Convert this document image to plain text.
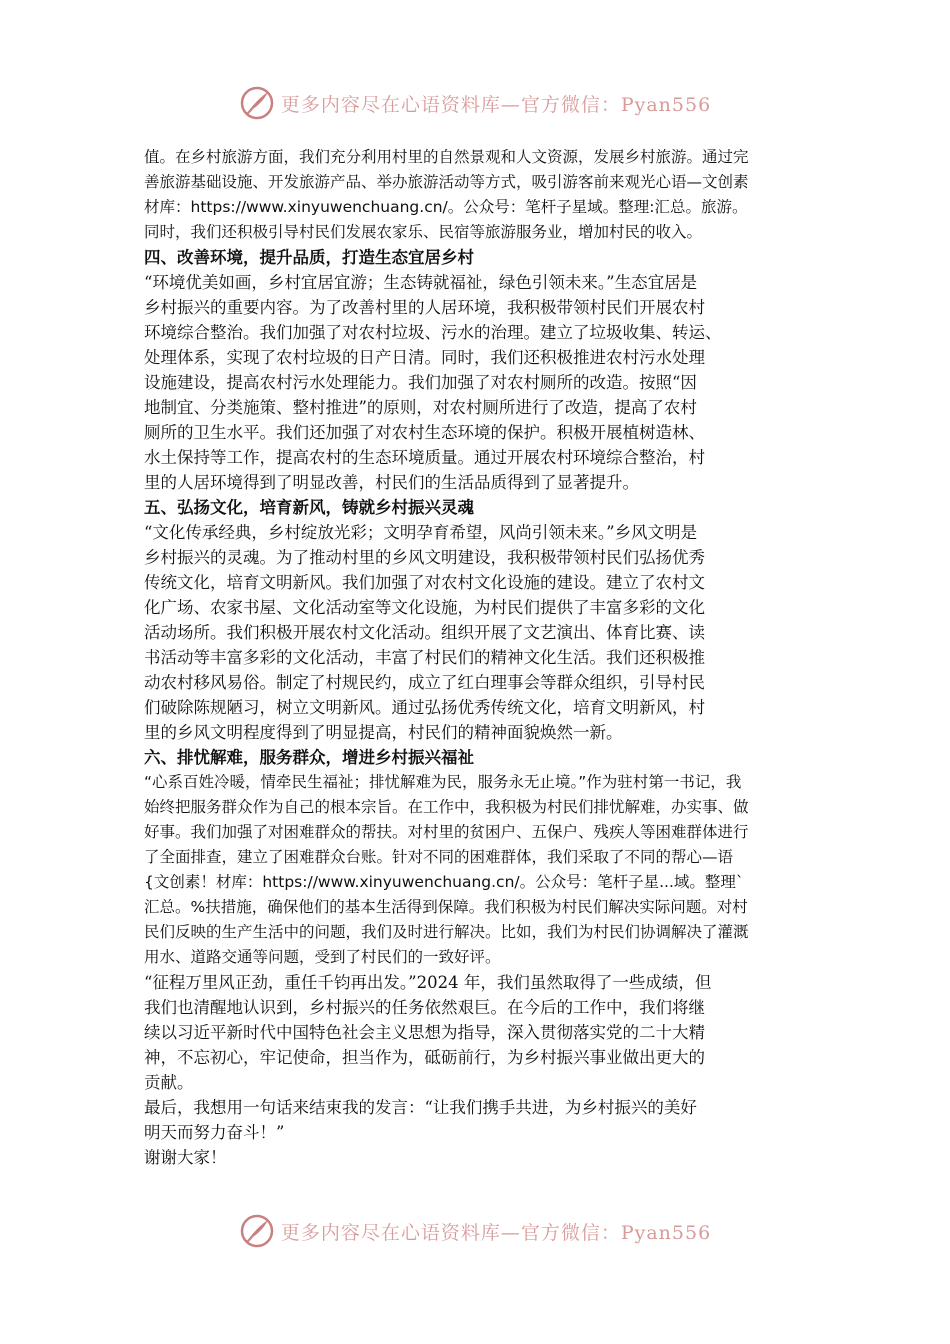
更多内容尽在心语资料库—官方微信：Pyan556
值。在乡村旅游方面，我们充分利用村里的自然景观和人文资源，发展乡村旅游。通过完
善旅游基础设施、开发旅游产品、举办旅游活动等方式，吸引游客前来观光心语—文创素
材库：https://www.xinyuwenchuang.cn/。公众号：笔杆子星域。整理:汇总。旅游。
同时，我们还积极引导村民们发展农家乐、民宿等旅游服务业，增加村民的收入。
四、改善环境，提升品质，打造生态宜居乡村
“环境优美如画，乡村宜居宜游；生态铸就福祉，绿色引领未来。”生态宜居是
乡村振兴的重要内容。为了改善村里的人居环境，我积极带领村民们开展农村
环境综合整治。我们加强了对农村垃圾、污水的治理。建立了垃圾收集、转运、
处理体系，实现了农村垃圾的日产日清。同时，我们还积极推进农村污水处理
设施建设，提高农村污水处理能力。我们加强了对农村厕所的改造。按照“因
地制宜、分类施策、整村推进”的原则，对农村厕所进行了改造，提高了农村
厕所的卫生水平。我们还加强了对农村生态环境的保护。积极开展植树造林、
水土保持等工作，提高农村的生态环境质量。通过开展农村环境综合整治，村
里的人居环境得到了明显改善，村民们的生活品质得到了显著提升。
五、弘扬文化，培育新风，铸就乡村振兴灵魂
“文化传承经典，乡村绽放光彩；文明孕育希望，风尚引领未来。”乡风文明是
乡村振兴的灵魂。为了推动村里的乡风文明建设，我积极带领村民们弘扬优秀
传统文化，培育文明新风。我们加强了对农村文化设施的建设。建立了农村文
化广场、农家书屋、文化活动室等文化设施，为村民们提供了丰富多彩的文化
活动场所。我们积极开展农村文化活动。组织开展了文艺演出、体育比赛、读
书活动等丰富多彩的文化活动，丰富了村民们的精神文化生活。我们还积极推
动农村移风易俗。制定了村规民约，成立了红白理事会等群众组织，引导村民
们破除陈规陋习，树立文明新风。通过弘扬优秀传统文化，培育文明新风，村
里的乡风文明程度得到了明显提高，村民们的精神面貌焕然一新。
六、排忧解难，服务群众，增进乡村振兴福祉
“心系百姓冷暖，情牵民生福祉；排忧解难为民，服务永无止境。”作为驻村第一书记，我
始终把服务群众作为自己的根本宗旨。在工作中，我积极为村民们排忧解难，办实事、做
好事。我们加强了对困难群众的帮扶。对村里的贫困户、五保户、残疾人等困难群体进行
了全面排查，建立了困难群众台账。针对不同的困难群体，我们采取了不同的帮心—语
{文创素！材库：https://www.xinyuwenchuang.cn/。公众号：笔杆子星...域。整理`
汇总。%扶措施，确保他们的基本生活得到保障。我们积极为村民们解决实际问题。对村
民们反映的生产生活中的问题，我们及时进行解决。比如，我们为村民们协调解决了灌溉
用水、道路交通等问题，受到了村民们的一致好评。
“征程万里风正劲，重任千钧再出发。”2024 年，我们虽然取得了一些成绩，但
我们也清醒地认识到，乡村振兴的任务依然艰巨。在今后的工作中，我们将继
续以习近平新时代中国特色社会主义思想为指导，深入贯彻落实党的二十大精
神，不忘初心，牢记使命，担当作为，砥砺前行，为乡村振兴事业做出更大的
贡献。
最后，我想用一句话来结束我的发言：“让我们携手共进，为乡村振兴的美好
明天而努力奋斗！”
谢谢大家！
更多内容尽在心语资料库—官方微信：Pyan556
